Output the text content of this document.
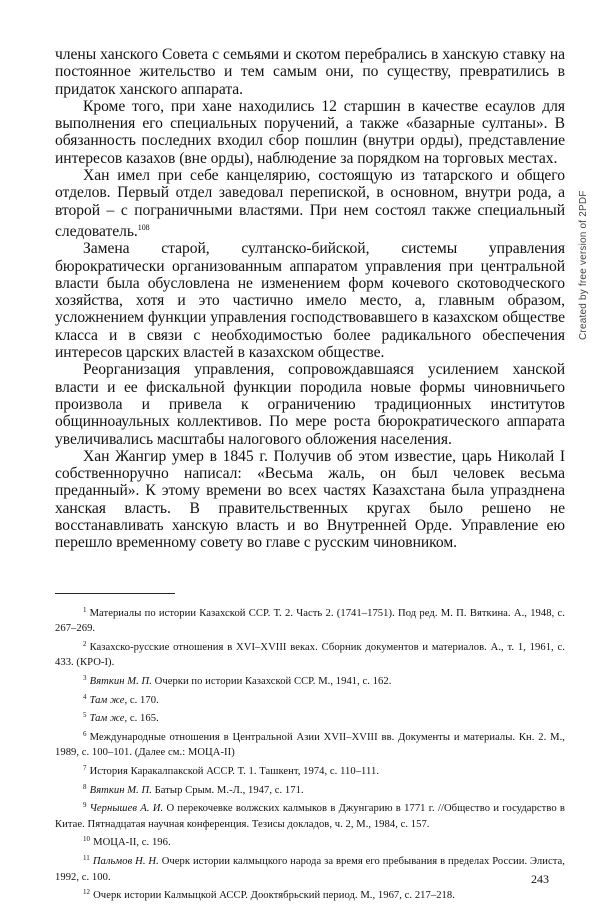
члены ханского Совета с семьями и скотом перебрались в ханскую ставку на постоянное жительство и тем самым они, по существу, превратились в придаток ханского аппарата.

Кроме того, при хане находились 12 старшин в качестве есаулов для выполнения его специальных поручений, а также «базарные султаны». В обязанность последних входил сбор пошлин (внутри орды), представление интересов казахов (вне орды), наблюдение за порядком на торговых местах.

Хан имел при себе канцелярию, состоящую из татарского и общего отделов. Первый отдел заведовал перепиской, в основном, внутри рода, а второй – с пограничными властями. При нем состоял также специальный следователь.$^{108}$

Замена старой, султанско-бийской, системы управления бюрократически организованным аппаратом управления при центральной власти была обусловлена не изменением форм кочевого скотоводческого хозяйства, хотя и это частично имело место, а, главным образом, усложнением функции управления господствовавшего в казахском обществе класса и в связи с необходимостью более радикального обеспечения интересов царских властей в казахском обществе.

Реорганизация управления, сопровождавшаяся усилением ханской власти и ее фискальной функции породила новые формы чиновничьего произвола и привела к ограничению традиционных институтов общинноаульных коллективов. По мере роста бюрократического аппарата увеличивались масштабы налогового обложения населения.

Хан Жангир умер в 1845 г. Получив об этом известие, царь Николай I собственноручно написал: «Весьма жаль, он был человек весьма преданный». К этому времени во всех частях Казахстана была упразднена ханская власть. В правительственных кругах было решено не восстанавливать ханскую власть и во Внутренней Орде. Управление ею перешло временному совету во главе с русским чиновником.

$^1$ Материалы по истории Казахской ССР. Т. 2. Часть 2. (1741–1751). Под ред. М. П. Вяткина. А., 1948, с. 267–269.

$^2$ Казахско-русские отношения в XVI–XVIII веках. Сборник документов и материалов. А., т. 1, 1961, с. 433. (КРО-I).

$^3$ Вяткин М. П. Очерки по истории Казахской ССР. М., 1941, с. 162.

$^4$ Там же, с. 170.

$^5$ Там же, с. 165.

$^6$ Международные отношения в Центральной Азии XVII–XVIII вв. Документы и материалы. Кн. 2. М., 1989, с. 100–101. (Далее см.: МОЦА-II)

$^7$ История Каракалпакской АССР. Т. 1. Ташкент, 1974, с. 110–111.

$^8$ Вяткин М. П. Батыр Срым. М.-Л., 1947, с. 171.

$^9$ Чернышев А. И. О перекочевке волжских калмыков в Джунгарию в 1771 г. //Общество и государство в Китае. Пятнадцатая научная конференция. Тезисы докладов, ч. 2, М., 1984, с. 157.

$^{10}$ МОЦА-II, с. 196.

$^{11}$ Пальмов Н. Н. Очерк истории калмыцкого народа за время его пребывания в пределах России. Элиста, 1992, с. 100.

$^{12}$ Очерк истории Калмыцкой АССР. Дооктябрьский период. М., 1967, с. 217–218.

243
Created by free version of 2PDF
